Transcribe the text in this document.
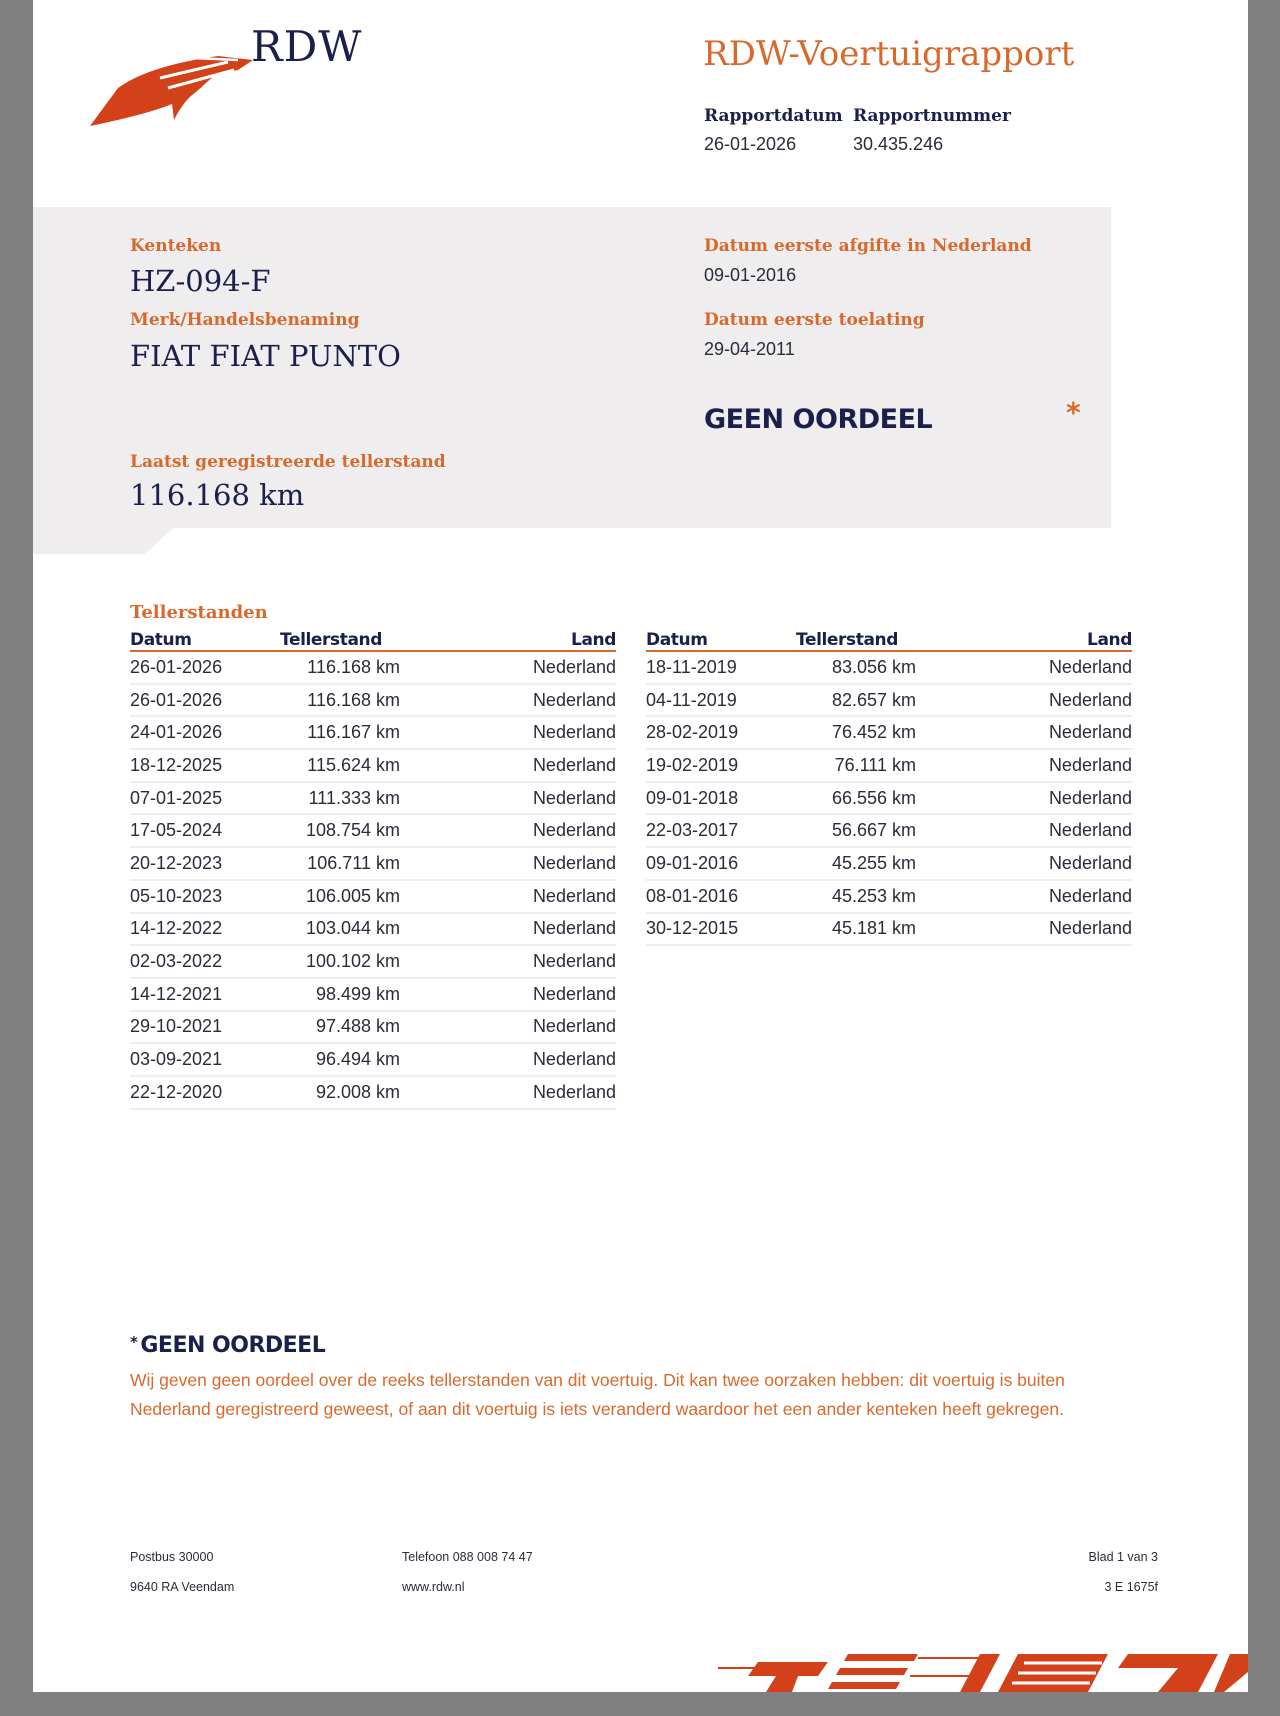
RDW	RDW-Voertuigrapport
Rapportdatum
26-01-2026
Rapportnummer
30.435.246
Kenteken
HZ-094-F
Merk/Handelsbenaming
FIAT FIAT PUNTO
Datum eerste afgifte in Nederland
09-01-2016
Datum eerste toelating
29-04-2011
GEEN OORDEEL	*
Laatst geregistreerde tellerstand
116.168 km
Tellerstanden
Datum	Tellerstand	Land
26-01-2026	116.168 km	Nederland
26-01-2026	116.168 km	Nederland
24-01-2026	116.167 km	Nederland
18-12-2025	115.624 km	Nederland
07-01-2025	111.333 km	Nederland
17-05-2024	108.754 km	Nederland
20-12-2023	106.711 km	Nederland
05-10-2023	106.005 km	Nederland
14-12-2022	103.044 km	Nederland
02-03-2022	100.102 km	Nederland
14-12-2021	98.499 km	Nederland
29-10-2021	97.488 km	Nederland
03-09-2021	96.494 km	Nederland
22-12-2020	92.008 km	Nederland
Datum	Tellerstand	Land
18-11-2019	83.056 km	Nederland
04-11-2019	82.657 km	Nederland
28-02-2019	76.452 km	Nederland
19-02-2019	76.111 km	Nederland
09-01-2018	66.556 km	Nederland
22-03-2017	56.667 km	Nederland
09-01-2016	45.255 km	Nederland
08-01-2016	45.253 km	Nederland
30-12-2015	45.181 km	Nederland
* GEEN OORDEEL
Wij geven geen oordeel over de reeks tellerstanden van dit voertuig. Dit kan twee oorzaken hebben: dit voertuig is buiten Nederland geregistreerd geweest, of aan dit voertuig is iets veranderd waardoor het een ander kenteken heeft gekregen.
Postbus 30000
9640 RA Veendam
Telefoon 088 008 74 47
www.rdw.nl
Blad 1 van 3
3 E 1675f
